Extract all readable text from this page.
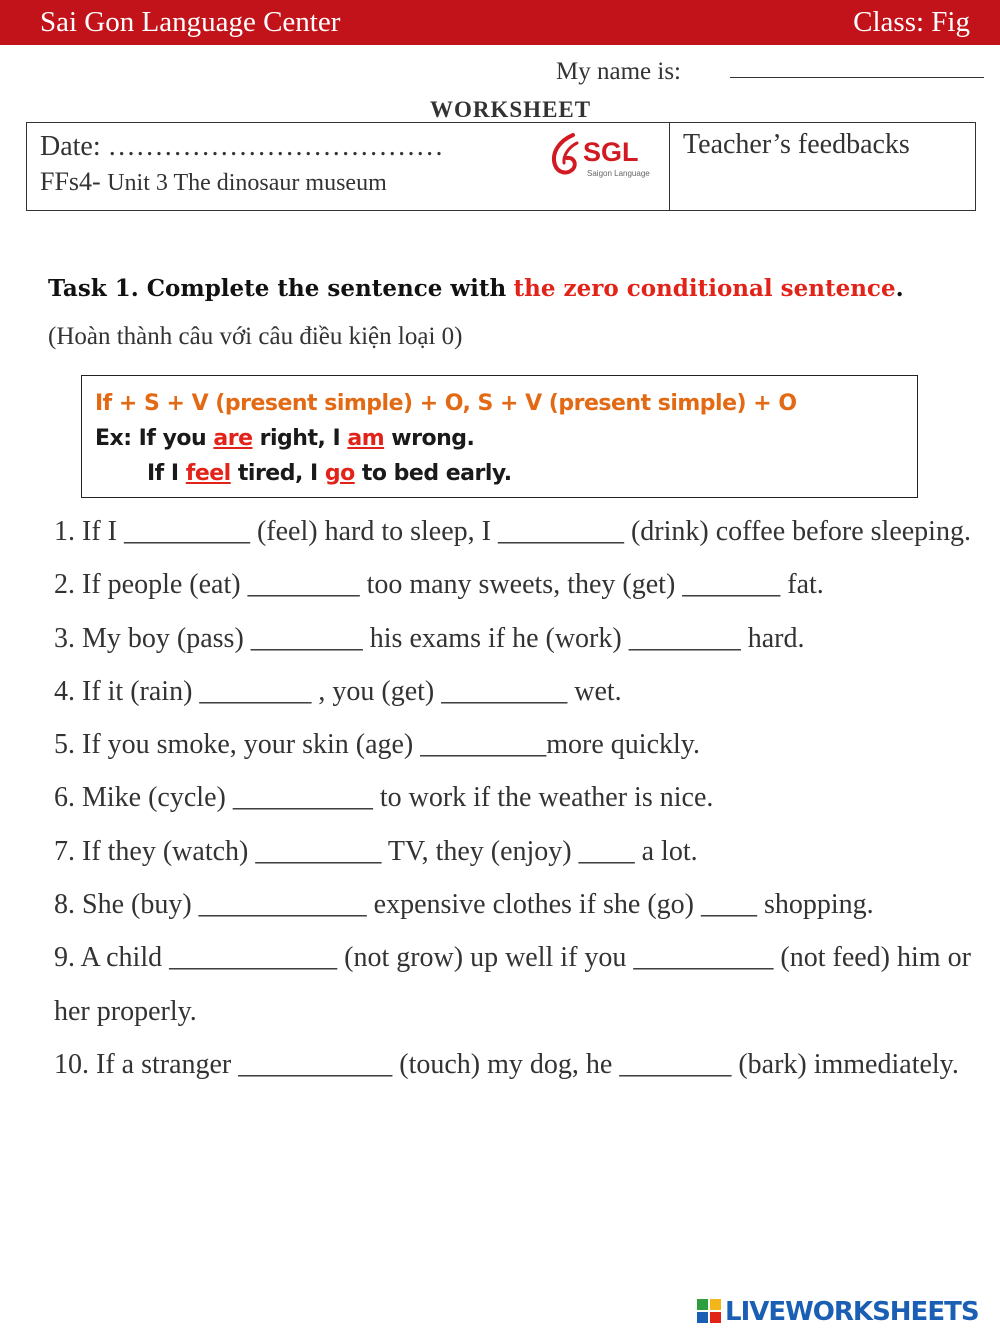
Sai Gon Language Center	Class: Fig
My name is:
WORKSHEET
Date: ………………………………
FFs4- Unit 3 The dinosaur museum
SGL
Saigon Language
Teacher’s feedbacks
Task 1. Complete the sentence with the zero conditional sentence. (Hoàn thành câu với câu điều kiện loại 0)
If + S + V (present simple) + O, S + V (present simple) + O
Ex: If you are right, I am wrong.
If I feel tired, I go to bed early.

1. If I _________ (feel) hard to sleep, I _________ (drink) coffee before sleeping.

2. If people (eat) ________ too many sweets, they (get) _______ fat.

3. My boy (pass) ________ his exams if he (work) ________ hard.

4. If it (rain) ________ , you (get) _________ wet.

5. If you smoke, your skin (age) _________more quickly.

6. Mike (cycle) __________ to work if the weather is nice.

7. If they (watch) _________ TV, they (enjoy) ____ a lot.

8. She (buy) ____________ expensive clothes if she (go) ____ shopping.

9. A child ____________ (not grow) up well if you __________ (not feed) him or her properly.

10. If a stranger ___________ (touch) my dog, he ________ (bark) immediately.

LIVEWORKSHEETS
